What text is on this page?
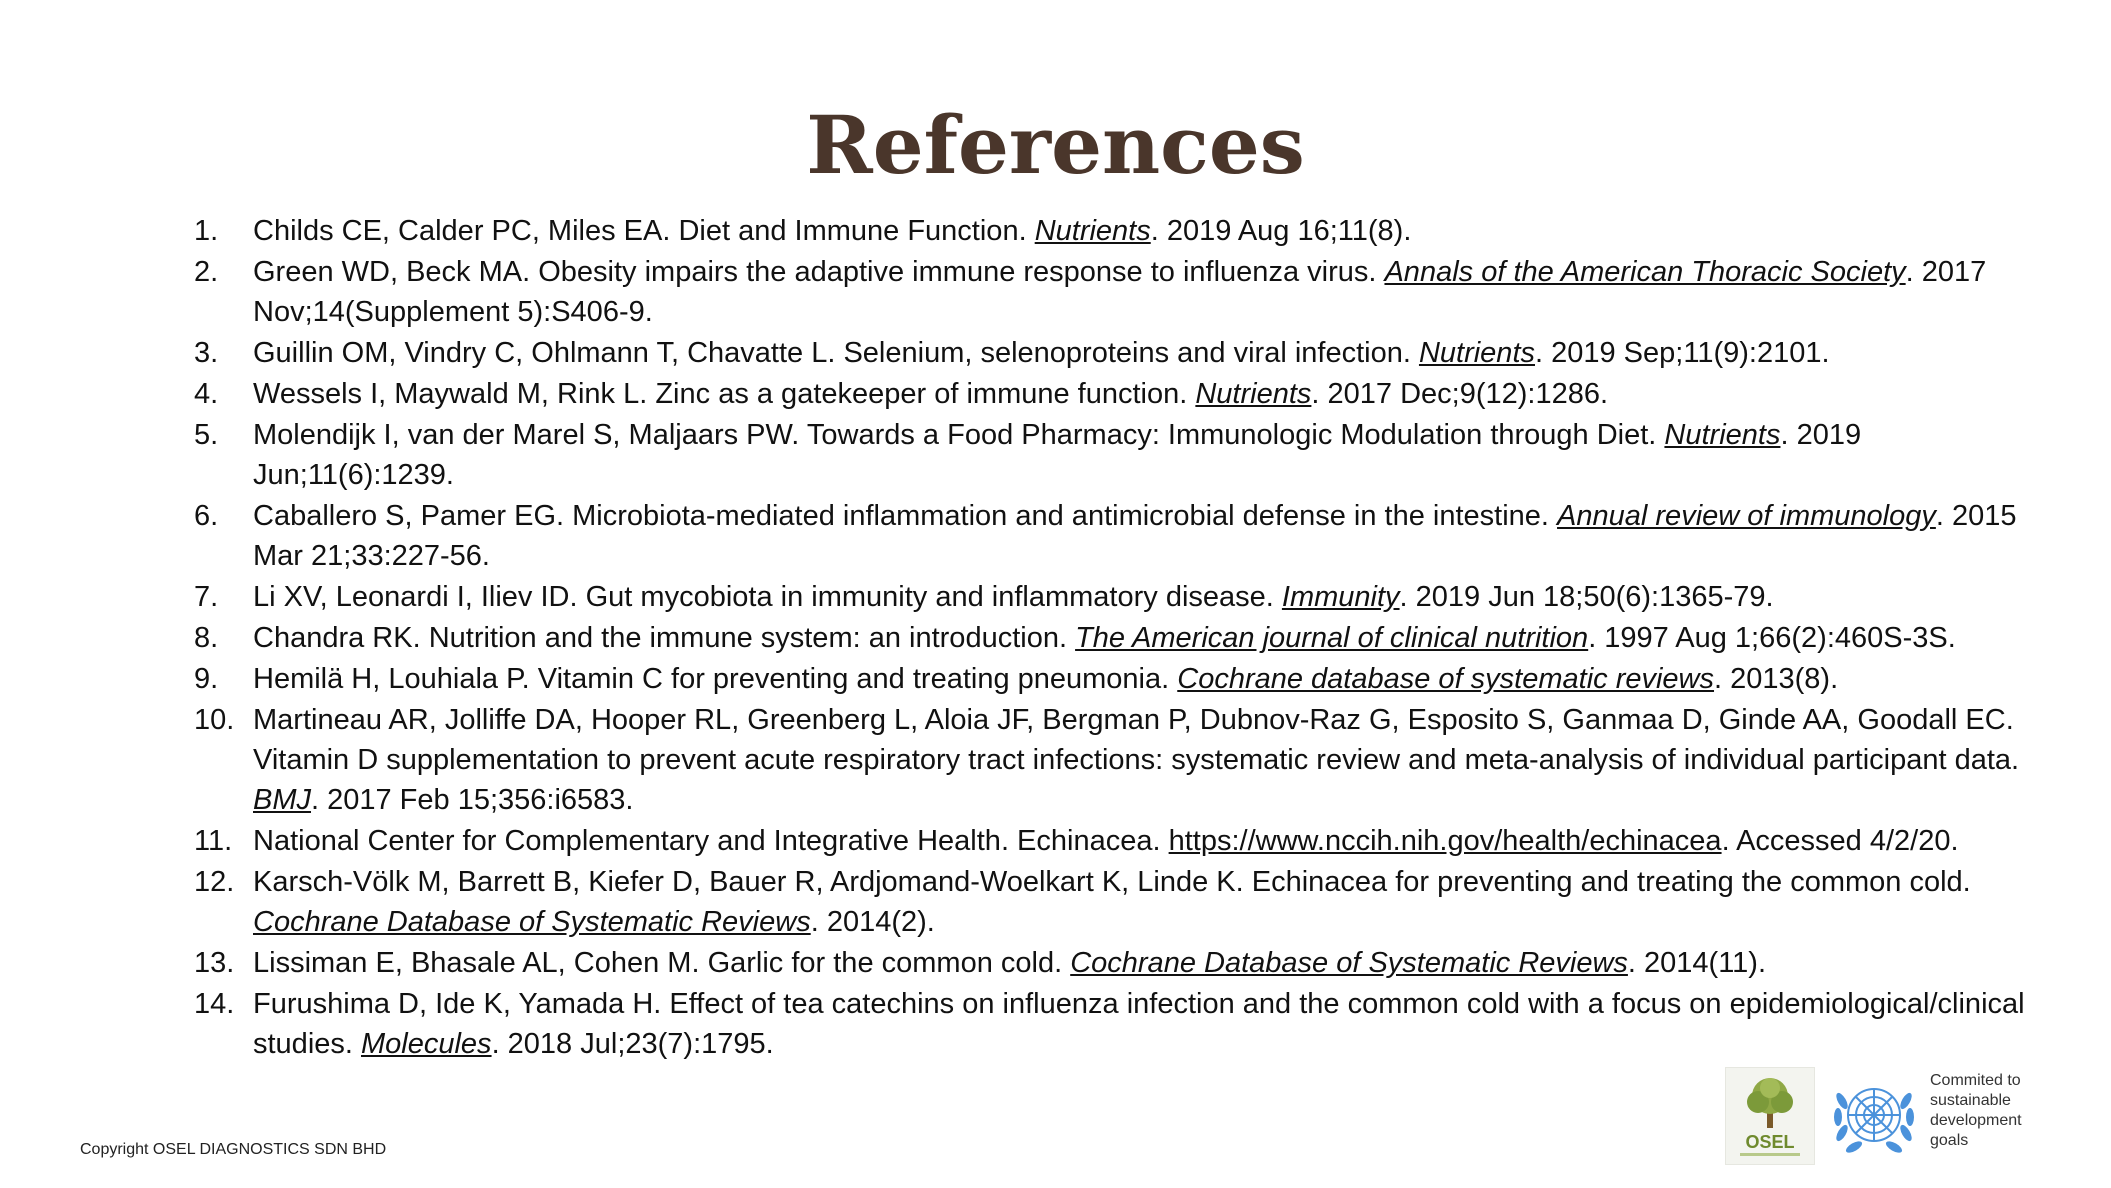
References
1.	Childs CE, Calder PC, Miles EA. Diet and Immune Function. Nutrients. 2019 Aug 16;11(8).
2.	Green WD, Beck MA. Obesity impairs the adaptive immune response to influenza virus. Annals of the American Thoracic Society. 2017 Nov;14(Supplement 5):S406-9.
3.	Guillin OM, Vindry C, Ohlmann T, Chavatte L. Selenium, selenoproteins and viral infection. Nutrients. 2019 Sep;11(9):2101.
4.	Wessels I, Maywald M, Rink L. Zinc as a gatekeeper of immune function. Nutrients. 2017 Dec;9(12):1286.
5.	Molendijk I, van der Marel S, Maljaars PW. Towards a Food Pharmacy: Immunologic Modulation through Diet. Nutrients. 2019 Jun;11(6):1239.
6.	Caballero S, Pamer EG. Microbiota-mediated inflammation and antimicrobial defense in the intestine. Annual review of immunology. 2015 Mar 21;33:227-56.
7.	Li XV, Leonardi I, Iliev ID. Gut mycobiota in immunity and inflammatory disease. Immunity. 2019 Jun 18;50(6):1365-79.
8.	Chandra RK. Nutrition and the immune system: an introduction. The American journal of clinical nutrition. 1997 Aug 1;66(2):460S-3S.
9.	Hemilä H, Louhiala P. Vitamin C for preventing and treating pneumonia. Cochrane database of systematic reviews. 2013(8).
10. Martineau AR, Jolliffe DA, Hooper RL, Greenberg L, Aloia JF, Bergman P, Dubnov-Raz G, Esposito S, Ganmaa D, Ginde AA, Goodall EC. Vitamin D supplementation to prevent acute respiratory tract infections: systematic review and meta-analysis of individual participant data. BMJ. 2017 Feb 15;356:i6583.
11. National Center for Complementary and Integrative Health. Echinacea. https://www.nccih.nih.gov/health/echinacea. Accessed 4/2/20.
12. Karsch-Völk M, Barrett B, Kiefer D, Bauer R, Ardjomand-Woelkart K, Linde K. Echinacea for preventing and treating the common cold. Cochrane Database of Systematic Reviews. 2014(2).
13. Lissiman E, Bhasale AL, Cohen M. Garlic for the common cold. Cochrane Database of Systematic Reviews. 2014(11).
14. Furushima D, Ide K, Yamada H. Effect of tea catechins on influenza infection and the common cold with a focus on epidemiological/clinical studies. Molecules. 2018 Jul;23(7):1795.
Copyright OSEL DIAGNOSTICS SDN BHD	OSEL
Commited to
sustainable
development
goals
